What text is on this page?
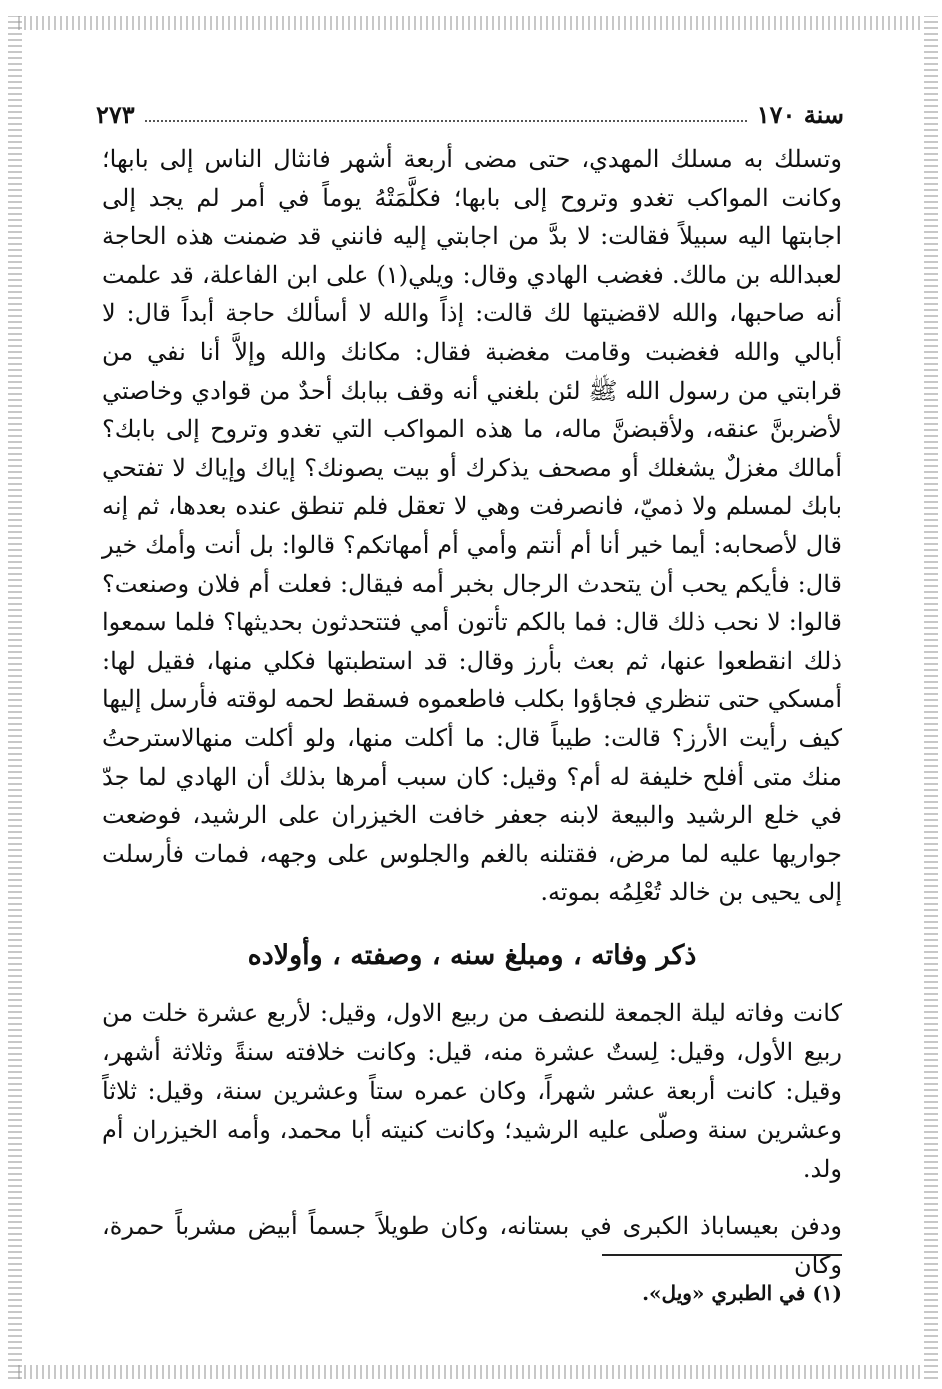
سنة ١٧٠
٢٧٣

وتسلك به مسلك المهدي، حتى مضى أربعة أشهر فانثال الناس إلى بابها؛ وكانت المواكب تغدو وتروح إلى بابها؛ فكلَّمَتْهُ يوماً في أمر لم يجد إلى اجابتها اليه سبيلاً فقالت: لا بدَّ من اجابتي إليه فانني قد ضمنت هذه الحاجة لعبدالله بن مالك. فغضب الهادي وقال: ويلي(١) على ابن الفاعلة، قد علمت أنه صاحبها، والله لاقضيتها لك قالت: إذاً والله لا أسألك حاجة أبداً قال: لا أبالي والله فغضبت وقامت مغضبة فقال: مكانك والله وإلاَّ أنا نفي من قرابتي من رسول الله ﷺ لئن بلغني أنه وقف ببابك أحدٌ من قوادي وخاصتي لأضربنَّ عنقه، ولأقبضنَّ ماله، ما هذه المواكب التي تغدو وتروح إلى بابك؟ أمالك مغزلٌ يشغلك أو مصحف يذكرك أو بيت يصونك؟ إياك وإياك لا تفتحي بابك لمسلم ولا ذميّ، فانصرفت وهي لا تعقل فلم تنطق عنده بعدها، ثم إنه قال لأصحابه: أيما خير أنا أم أنتم وأمي أم أمهاتكم؟ قالوا: بل أنت وأمك خير قال: فأيكم يحب أن يتحدث الرجال بخبر أمه فيقال: فعلت أم فلان وصنعت؟ قالوا: لا نحب ذلك قال: فما بالكم تأتون أمي فتتحدثون بحديثها؟ فلما سمعوا ذلك انقطعوا عنها، ثم بعث بأرز وقال: قد استطبتها فكلي منها، فقيل لها: أمسكي حتى تنظري فجاؤوا بكلب فاطعموه فسقط لحمه لوقته فأرسل إليها كيف رأيت الأرز؟ قالت: طيباً قال: ما أكلت منها، ولو أكلت منهالاسترحتُ منك متى أفلح خليفة له أم؟ وقيل: كان سبب أمرها بذلك أن الهادي لما جدّ في خلع الرشيد والبيعة لابنه جعفر خافت الخيزران على الرشيد، فوضعت جواريها عليه لما مرض، فقتلنه بالغم والجلوس على وجهه، فمات فأرسلت إلى يحيى بن خالد تُعْلِمُه بموته.

ذكر وفاته ، ومبلغ سنه ، وصفته ، وأولاده

كانت وفاته ليلة الجمعة للنصف من ربيع الاول، وقيل: لأربع عشرة خلت من ربيع الأول، وقيل: لِستٌ عشرة منه، قيل: وكانت خلافته سنةً وثلاثة أشهر، وقيل: كانت أربعة عشر شهراً، وكان عمره ستاً وعشرين سنة، وقيل: ثلاثاً وعشرين سنة وصلّى عليه الرشيد؛ وكانت كنيته أبا محمد، وأمه الخيزران أم ولد.

ودفن بعيساباذ الكبرى في بستانه، وكان طويلاً جسماً أبيض مشرباً حمرة، وكان

(١) في الطبري «ويل».
